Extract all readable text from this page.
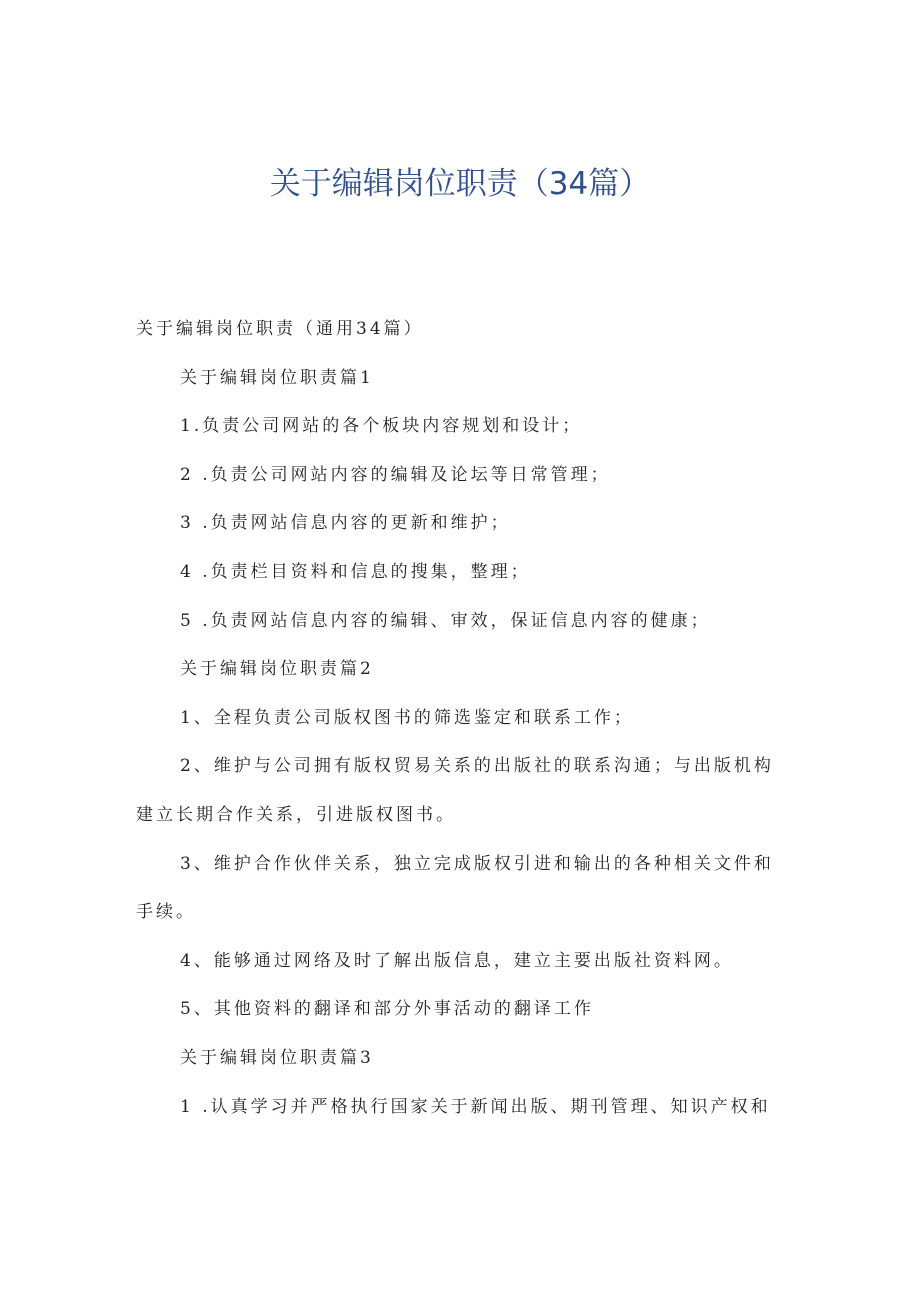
关于编辑岗位职责（34篇）

关于编辑岗位职责（通用34篇）

关于编辑岗位职责篇1

1.负责公司网站的各个板块内容规划和设计；

2 .负责公司网站内容的编辑及论坛等日常管理；

3 .负责网站信息内容的更新和维护；

4 .负责栏目资料和信息的搜集，整理；

5 .负责网站信息内容的编辑、审效，保证信息内容的健康；

关于编辑岗位职责篇2

1、全程负责公司版权图书的筛选鉴定和联系工作；

2、维护与公司拥有版权贸易关系的出版社的联系沟通；与出版机构建立长期合作关系，引进版权图书。

3、维护合作伙伴关系，独立完成版权引进和输出的各种相关文件和手续。

4、能够通过网络及时了解出版信息，建立主要出版社资料网。

5、其他资料的翻译和部分外事活动的翻译工作

关于编辑岗位职责篇3

1 .认真学习并严格执行国家关于新闻出版、期刊管理、知识产权和
